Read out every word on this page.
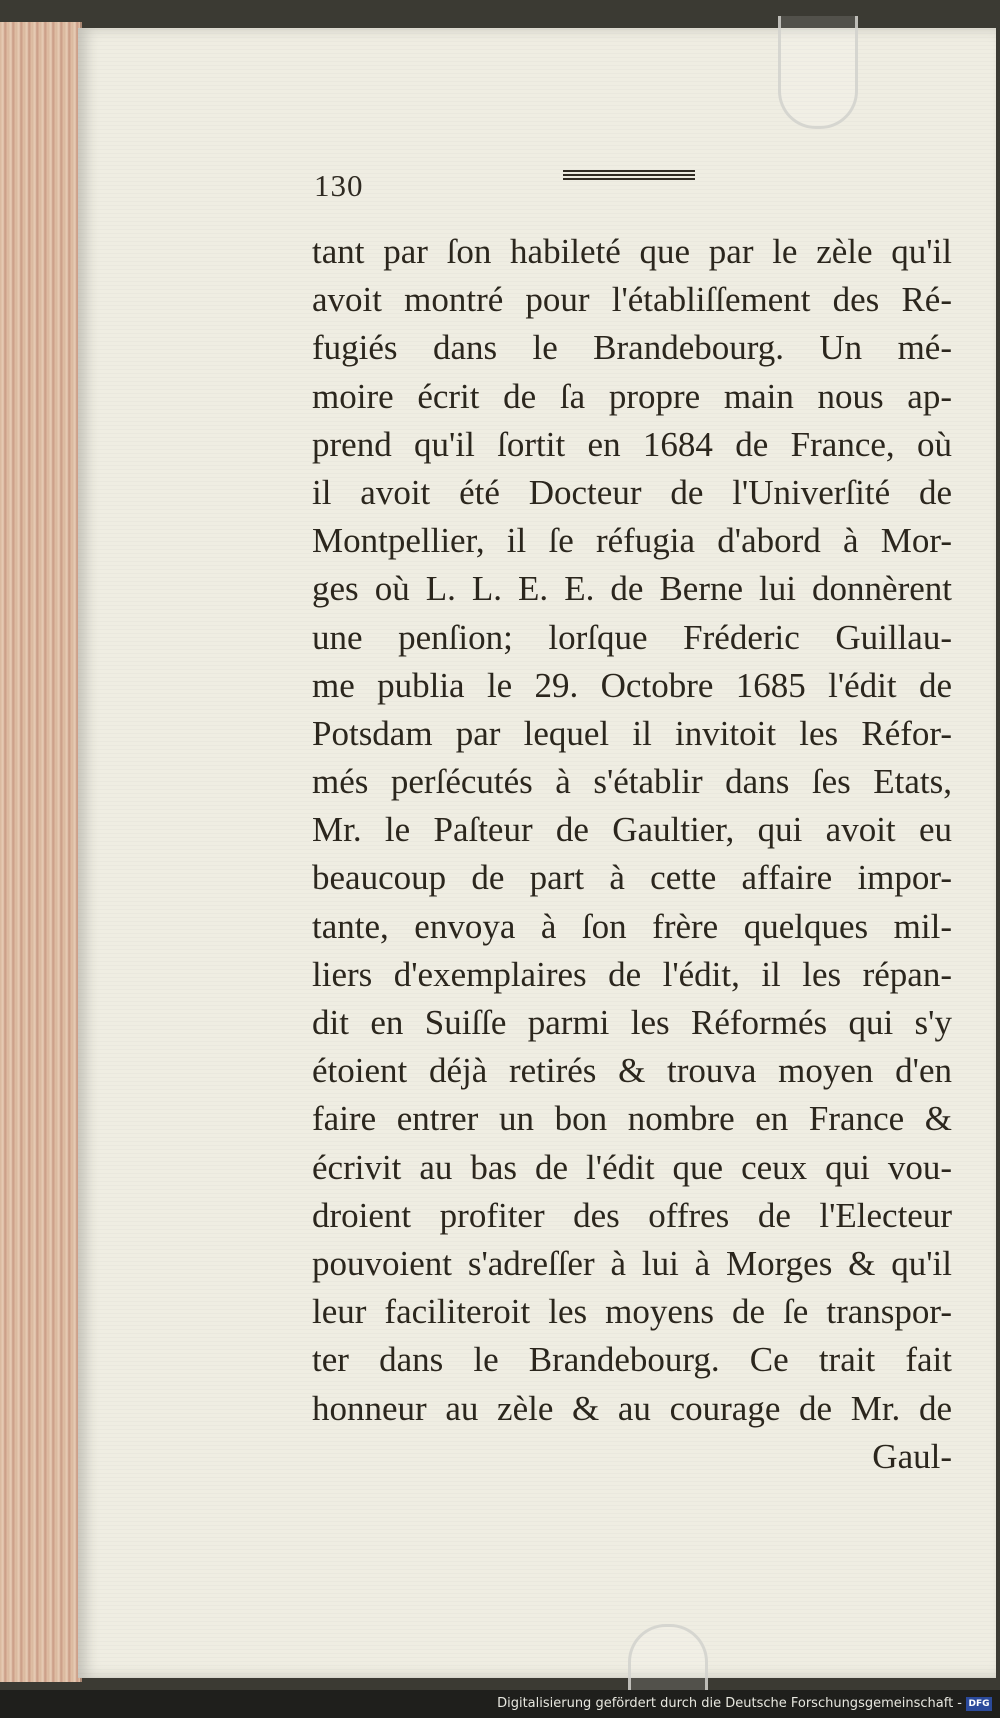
130
tant par ſon habileté que par le zèle qu'il
avoit montré pour l'établiſſement des Ré-
fugiés dans le Brandebourg. Un mé-
moire écrit de ſa propre main nous ap-
prend qu'il ſortit en 1684 de France, où
il avoit été Docteur de l'Univerſité de
Montpellier, il ſe réfugia d'abord à Mor-
ges où L. L. E. E. de Berne lui donnèrent
une penſion; lorſque Fréderic Guillau-
me publia le 29. Octobre 1685 l'édit de
Potsdam par lequel il invitoit les Réfor-
més perſécutés à s'établir dans ſes Etats,
Mr. le Paſteur de Gaultier, qui avoit eu
beaucoup de part à cette affaire impor-
tante, envoya à ſon frère quelques mil-
liers d'exemplaires de l'édit, il les répan-
dit en Suiſſe parmi les Réformés qui s'y
étoient déjà retirés & trouva moyen d'en
faire entrer un bon nombre en France &
écrivit au bas de l'édit que ceux qui vou-
droient profiter des offres de l'Electeur
pouvoient s'adreſſer à lui à Morges & qu'il
leur faciliteroit les moyens de ſe transpor-
ter dans le Brandebourg. Ce trait fait
honneur au zèle & au courage de Mr. de
Gaul-
Digitalisierung gefördert durch die Deutsche Forschungsgemeinschaft - DFG
